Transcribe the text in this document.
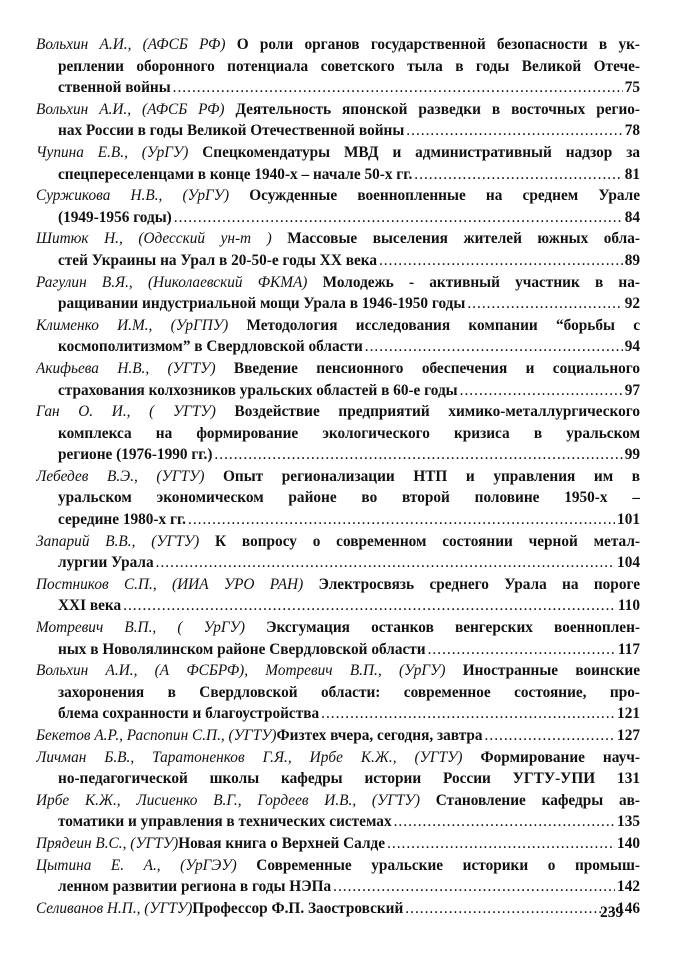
Вольхин А.И., (АФСБ РФ) О роли органов государственной безопасности в ук-
реплении оборонного потенциала советского тыла в годы Великой Отече-
ственной войны .....	75
Вольхин А.И., (АФСБ РФ) Деятельность японской разведки в восточных регио-
нах России в годы Великой Отечественной войны .....	78
Чупина Е.В., (УрГУ) Спецкомендатуры МВД и административный надзор за
спецпереселенцами в конце 1940-х – начале 50-х гг. .....	81
Суржикова Н.В., (УрГУ) Осужденные военнопленные на среднем Урале
(1949-1956 годы) .....	84
Шитюк Н., (Одесский ун-т ) Массовые выселения жителей южных обла-
стей Украины на Урал в 20-50-е годы XX века .....	89
Рагулин В.Я., (Николаевский ФКМА) Молодежь - активный участник в на-
ращивании индустриальной мощи Урала в 1946-1950 годы .....	92
Клименко И.М., (УрГПУ) Методология исследования компании “борьбы с
космополитизмом” в Свердловской области .....	94
Акифьева Н.В., (УГТУ) Введение пенсионного обеспечения и социального
страхования колхозников уральских областей в 60-е годы .....	97
Ган О. И., ( УГТУ) Воздействие предприятий химико-металлургического
комплекса на формирование экологического кризиса в уральском
регионе (1976-1990 гг.) .....	99
Лебедев В.Э., (УГТУ) Опыт регионализации НТП и управления им в
уральском экономическом районе во второй половине 1950-х –
середине 1980-х гг. .....	101
Запарий В.В., (УГТУ) К вопросу о современном состоянии черной метал-
лургии Урала .....	104
Постников С.П., (ИИА УРО РАН) Электросвязь среднего Урала на пороге
XXI века .....	110
Мотревич В.П., ( УрГУ) Эксгумация останков венгерских военноплен-
ных в Новолялинском районе Свердловской области .....	117
Вольхин А.И., (А ФСБРФ), Мотревич В.П., (УрГУ) Иностранные воинские
захоронения в Свердловской области: современное состояние, про-
блема сохранности и благоустройства .....	121
Бекетов А.Р., Распопин С.П., (УГТУ) Физтех вчера, сегодня, завтра .....	127
Личман Б.В., Таратоненков Г.Я., Ирбе К.Ж., (УГТУ) Формирование науч-
но-педагогической школы кафедры истории России УГТУ-УПИ 131
Ирбе К.Ж., Лисиенко В.Г., Гордеев И.В., (УГТУ) Становление кафедры ав-
томатики и управления в технических системах .....	135
Прядеин В.С., (УГТУ) Новая книга о Верхней Салде .....	140
Цытина Е. А., (УрГЭУ) Современные уральские историки о промыш-
ленном развитии региона в годы НЭПа .....	142
Селиванов Н.П., (УГТУ) Профессор Ф.П. Заостровский .....	146
239
